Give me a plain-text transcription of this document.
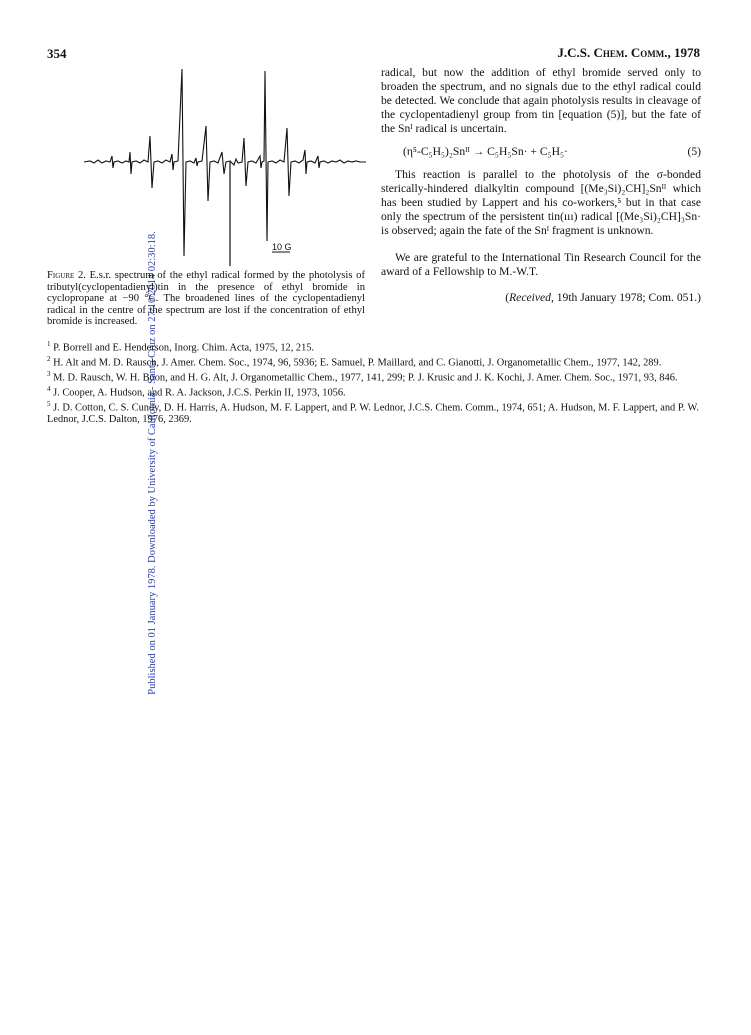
Published on 01 January 1978. Downloaded by University of California - Santa Cruz on 27/10/2014 02:30:18.
354	J.C.S. Chem. Comm., 1978
10 G
Figure 2. E.s.r. spectrum of the ethyl radical formed by the photolysis of tributyl(cyclopentadienyl)tin in the presence of ethyl bromide in cyclopropane at −90 °C. The broadened lines of the cyclopentadienyl radical in the centre of the spectrum are lost if the concentration of ethyl bromide is increased.

radical, but now the addition of ethyl bromide served only to broaden the spectrum, and no signals due to the ethyl radical could be detected. We conclude that again photolysis results in cleavage of the cyclopentadienyl group from tin [equation (5)], but the fate of the Snᴵ radical is uncertain.

(η⁵-C₅H₅)₂Snᴵᴵ → C₅H₅Sn· + C₅H₅·	(5)

This reaction is parallel to the photolysis of the σ-bonded sterically-hindered dialkyltin compound [(Me₃Si)₂CH]₂Snᴵᴵ which has been studied by Lappert and his co-workers,⁵ but in that case only the spectrum of the persistent tin(ııı) radical [(Me₃Si)₂CH]₃Sn· is observed; again the fate of the Snᴵ fragment is unknown.

We are grateful to the International Tin Research Council for the award of a Fellowship to M.-W.T.

(Received, 19th January 1978; Com. 051.)

$^1$ P. Borrell and E. Henderson, Inorg. Chim. Acta, 1975, 12, 215.

$^2$ H. Alt and M. D. Rausch, J. Amer. Chem. Soc., 1974, 96, 5936; E. Samuel, P. Maillard, and C. Gianotti, J. Organometallic Chem., 1977, 142, 289.

$^3$ M. D. Rausch, W. H. Boon, and H. G. Alt, J. Organometallic Chem., 1977, 141, 299; P. J. Krusic and J. K. Kochi, J. Amer. Chem. Soc., 1971, 93, 846.

$^4$ J. Cooper, A. Hudson, and R. A. Jackson, J.C.S. Perkin II, 1973, 1056.

$^5$ J. D. Cotton, C. S. Cundy, D. H. Harris, A. Hudson, M. F. Lappert, and P. W. Lednor, J.C.S. Chem. Comm., 1974, 651; A. Hudson, M. F. Lappert, and P. W. Lednor, J.C.S. Dalton, 1976, 2369.
